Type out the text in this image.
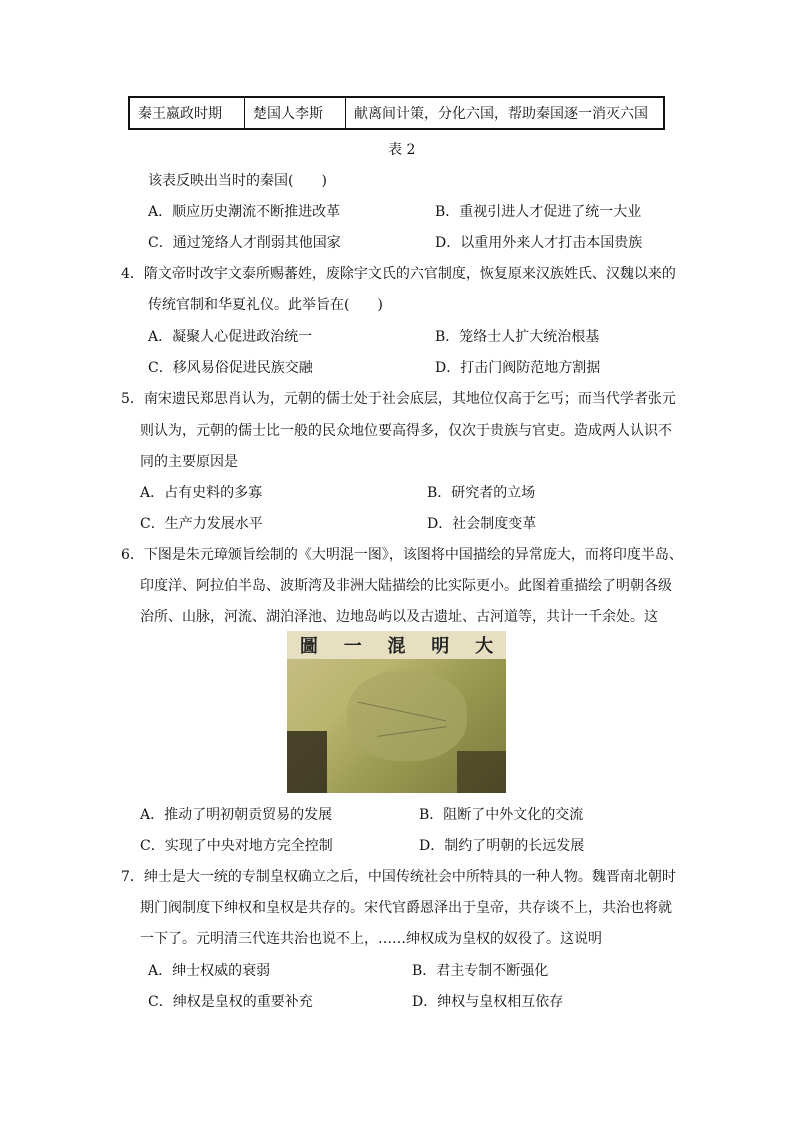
秦王嬴政时期	楚国人李斯	献离间计策，分化六国，帮助秦国逐一消灭六国
表 2
该表反映出当时的秦国(　　)
A．顺应历史潮流不断推进改革	B．重视引进人才促进了统一大业
C．通过笼络人才削弱其他国家	D．以重用外来人才打击本国贵族
4．隋文帝时改宇文泰所赐蕃姓，废除宇文氏的六官制度，恢复原来汉族姓氏、汉魏以来的
传统官制和华夏礼仪。此举旨在(　　)
A．凝聚人心促进政治统一	B．笼络士人扩大统治根基
C．移风易俗促进民族交融	D．打击门阀防范地方割据
5．南宋遗民郑思肖认为，元朝的儒士处于社会底层，其地位仅高于乞丐；而当代学者张元
则认为，元朝的儒士比一般的民众地位要高得多，仅次于贵族与官吏。造成两人认识不
同的主要原因是
A．占有史料的多寡	B．研究者的立场
C．生产力发展水平	D．社会制度变革
6．下图是朱元璋颁旨绘制的《大明混一图》，该图将中国描绘的异常庞大，而将印度半岛、
印度洋、阿拉伯半岛、波斯湾及非洲大陆描绘的比实际更小。此图着重描绘了明朝各级
治所、山脉，河流、湖泊泽池、边地岛屿以及古遗址、古河道等，共计一千余处。这
圖 一 混 明 大
A．推动了明初朝贡贸易的发展	B．阻断了中外文化的交流
C．实现了中央对地方完全控制	D．制约了明朝的长远发展
7．绅士是大一统的专制皇权确立之后，中国传统社会中所特具的一种人物。魏晋南北朝时
期门阀制度下绅权和皇权是共存的。宋代官爵恩泽出于皇帝，共存谈不上，共治也将就
一下了。元明清三代连共治也说不上，……绅权成为皇权的奴役了。这说明
A．绅士权威的衰弱	B．君主专制不断强化
C．绅权是皇权的重要补充	D．绅权与皇权相互依存
